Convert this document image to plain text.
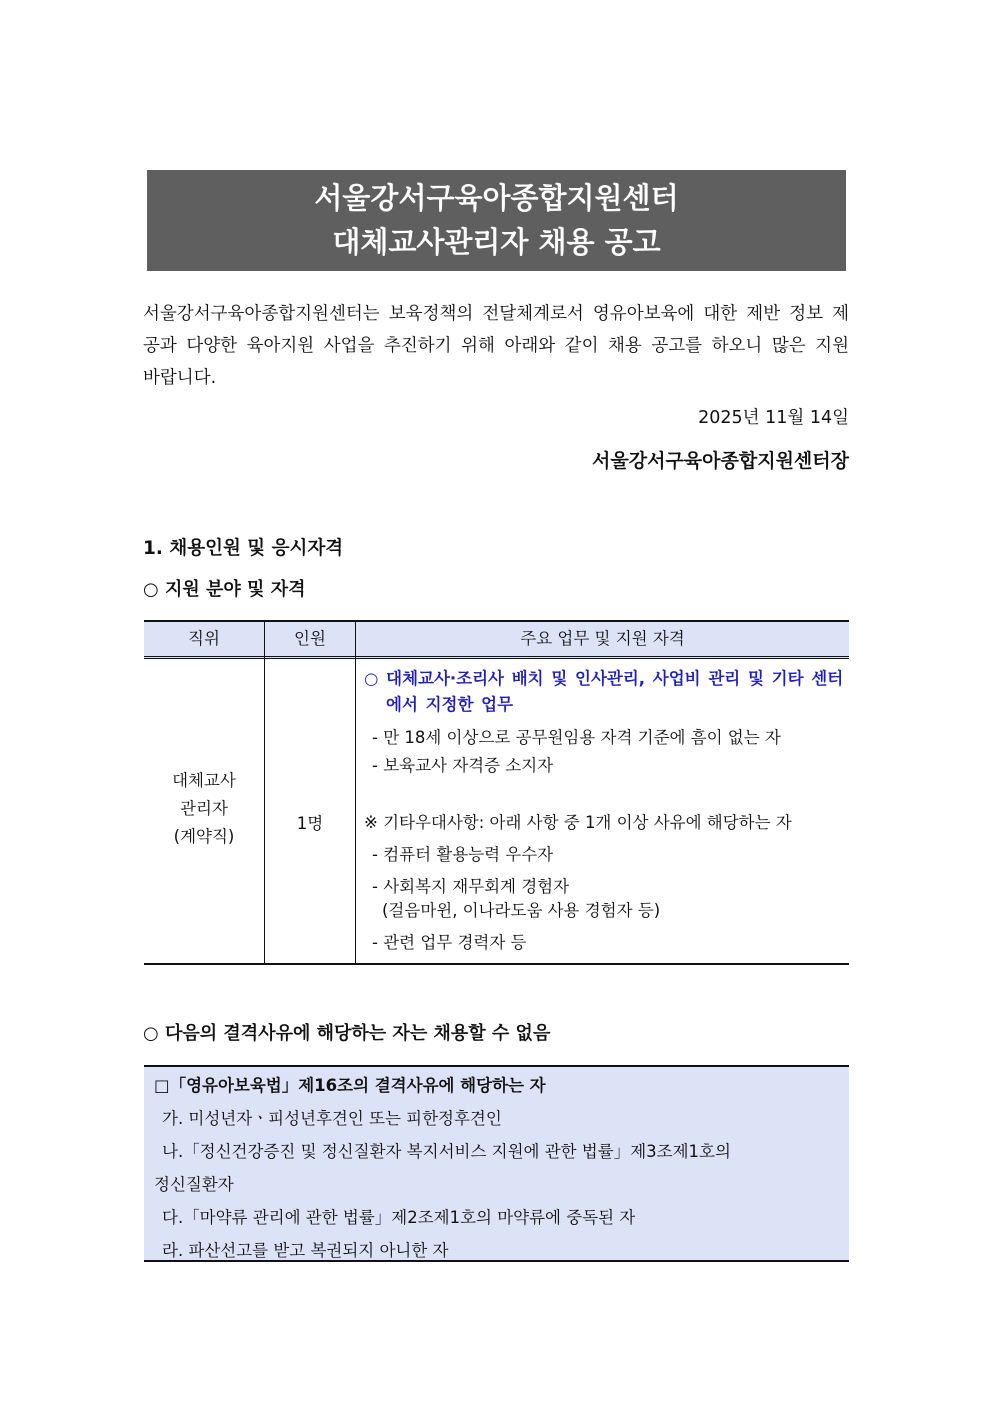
서울강서구육아종합지원센터
대체교사관리자 채용 공고
서울강서구육아종합지원센터는 보육정책의 전달체계로서 영유아보육에 대한 제반 정보 제공과 다양한 육아지원 사업을 추진하기 위해 아래와 같이 채용 공고를 하오니 많은 지원 바랍니다.
2025년 11월 14일
서울강서구육아종합지원센터장
1. 채용인원 및 응시자격
○ 지원 분야 및 자격
직위	인원	주요 업무 및 지원 자격
대체교사
관리자
(계약직)
1명
○ 대체교사·조리사 배치 및 인사관리, 사업비 관리 및 기타 센터에서 지정한 업무
- 만 18세 이상으로 공무원임용 자격 기준에 흠이 없는 자
- 보육교사 자격증 소지자
※ 기타우대사항: 아래 사항 중 1개 이상 사유에 해당하는 자
- 컴퓨터 활용능력 우수자
- 사회복지 재무회계 경험자
(걸음마윈, 이나라도움 사용 경험자 등)
- 관련 업무 경력자 등
○ 다음의 결격사유에 해당하는 자는 채용할 수 없음
□「영유아보육법」제16조의 결격사유에 해당하는 자
가. 미성년자ㆍ피성년후견인 또는 피한정후견인
나.「정신건강증진 및 정신질환자 복지서비스 지원에 관한 법률」제3조제1호의
정신질환자
다.「마약류 관리에 관한 법률」제2조제1호의 마약류에 중독된 자
라. 파산선고를 받고 복권되지 아니한 자
